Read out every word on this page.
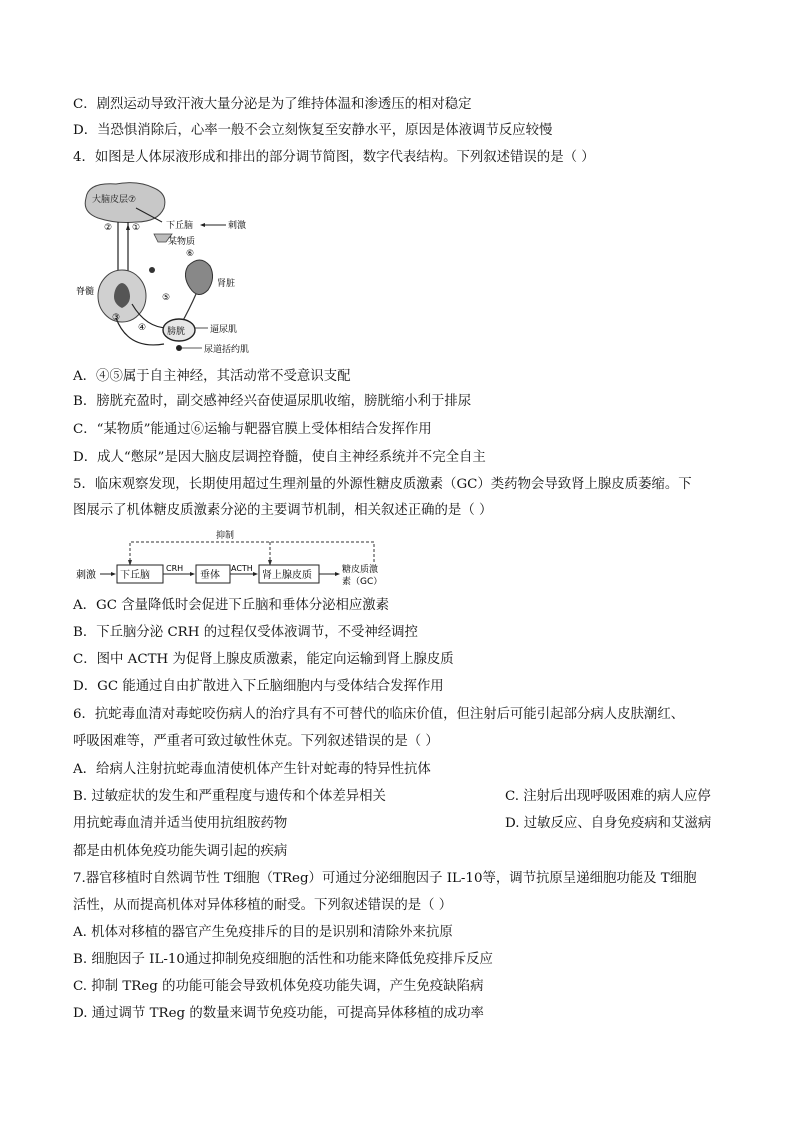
C．剧烈运动导致汗液大量分泌是为了维持体温和渗透压的相对稳定
D．当恐惧消除后，心率一般不会立刻恢复至安静水平，原因是体液调节反应较慢
4．如图是人体尿液形成和排出的部分调节简图，数字代表结构。下列叙述错误的是（ ）
大脑皮层⑦
下丘脑	刺激
某物质
⑥
② ①
脊髓
③
④
肾脏
⑤
膀胱	逼尿肌
尿道括约肌
A．④⑤属于自主神经，其活动常不受意识支配
B．膀胱充盈时，副交感神经兴奋使逼尿肌收缩，膀胱缩小利于排尿
C．“某物质”能通过⑥运输与靶器官膜上受体相结合发挥作用
D．成人“憋尿”是因大脑皮层调控脊髓，使自主神经系统并不完全自主
5．临床观察发现，长期使用超过生理剂量的外源性糖皮质激素（GC）类药物会导致肾上腺皮质萎缩。下
图展示了机体糖皮质激素分泌的主要调节机制，相关叙述正确的是（ ）
抑制
刺激 下丘脑
CRH
垂体
ACTH
肾上腺皮质	糖皮质激
素（GC）
A．GC 含量降低时会促进下丘脑和垂体分泌相应激素
B．下丘脑分泌 CRH 的过程仅受体液调节，不受神经调控
C．图中 ACTH 为促肾上腺皮质激素，能定向运输到肾上腺皮质
D．GC 能通过自由扩散进入下丘脑细胞内与受体结合发挥作用
6．抗蛇毒血清对毒蛇咬伤病人的治疗具有不可替代的临床价值，但注射后可能引起部分病人皮肤潮红、
呼吸困难等，严重者可致过敏性休克。下列叙述错误的是（ ）
A．给病人注射抗蛇毒血清使机体产生针对蛇毒的特异性抗体
B. 过敏症状的发生和严重程度与遗传和个体差异相关	C. 注射后出现呼吸困难的病人应停
用抗蛇毒血清并适当使用抗组胺药物	D. 过敏反应、自身免疫病和艾滋病
都是由机体免疫功能失调引起的疾病
7.器官移植时自然调节性 T细胞（TReg）可通过分泌细胞因子 IL-10等，调节抗原呈递细胞功能及 T细胞
活性，从而提高机体对异体移植的耐受。下列叙述错误的是（ ）
A. 机体对移植的器官产生免疫排斥的目的是识别和清除外来抗原
B. 细胞因子 IL-10通过抑制免疫细胞的活性和功能来降低免疫排斥反应
C. 抑制 TReg 的功能可能会导致机体免疫功能失调，产生免疫缺陷病
D. 通过调节 TReg 的数量来调节免疫功能，可提高异体移植的成功率
